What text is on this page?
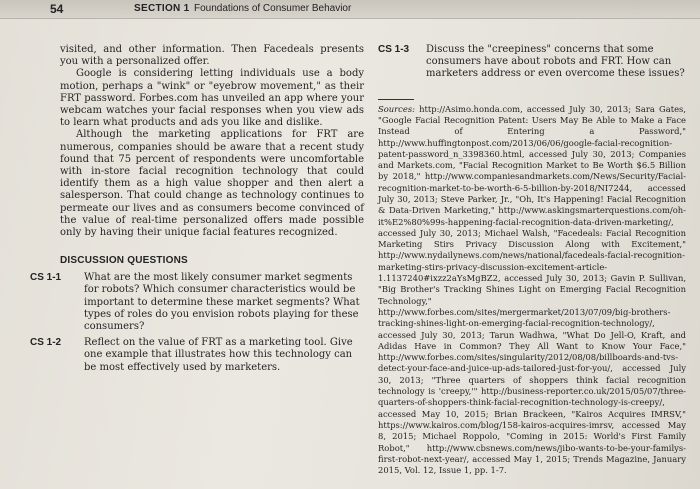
54	SECTION 1 Foundations of Consumer Behavior

visited, and other information. Then Facedeals presents you with a personalized offer.

Google is considering letting individuals use a body motion, perhaps a "wink" or "eyebrow movement," as their FRT password. Forbes.com has unveiled an app where your webcam watches your facial responses when you view ads to learn what products and ads you like and dislike.

Although the marketing applications for FRT are numerous, companies should be aware that a recent study found that 75 percent of respondents were uncomfortable with in-store facial recognition technology that could identify them as a high value shopper and then alert a salesperson. That could change as technology continues to permeate our lives and as consumers become convinced of the value of real-time personalized offers made possible only by having their unique facial features recognized.

DISCUSSION QUESTIONS
CS 1-1 What are the most likely consumer market segments for robots? Which consumer characteristics would be important to determine these market segments? What types of roles do you envision robots playing for these consumers?
CS 1-2 Reflect on the value of FRT as a marketing tool. Give one example that illustrates how this technology can be most effectively used by marketers.
CS 1-3 Discuss the "creepiness" concerns that some consumers have about robots and FRT. How can marketers address or even overcome these issues?

Sources: http://Asimo.honda.com, accessed July 30, 2013; Sara Gates, "Google Facial Recognition Patent: Users May Be Able to Make a Face Instead of Entering a Password," http://www.huffingtonpost.com/2013/06/06/google-facial-recognition-patent-password_n_3398360.html, accessed July 30, 2013; Companies and Markets.com, "Facial Recognition Market to Be Worth $6.5 Billion by 2018," http://www.companiesandmarkets.com/News/Security/Facial-recognition-market-to-be-worth-6-5-billion-by-2018/NI7244, accessed July 30, 2013; Steve Parker, Jr., "Oh, It's Happening! Facial Recognition & Data-Driven Marketing," http://www.askingsmarterquestions.com/oh-it%E2%80%99s-happening-facial-recognition-data-driven-marketing/, accessed July 30, 2013; Michael Walsh, "Facedeals: Facial Recognition Marketing Stirs Privacy Discussion Along with Excitement," http://www.nydailynews.com/news/national/facedeals-facial-recognition-marketing-stirs-privacy-discussion-excitement-article-1.1137240#ixzz2aYsMgBZ2, accessed July 30, 2013; Gavin P. Sullivan, "Big Brother's Tracking Shines Light on Emerging Facial Recognition Technology," http://www.forbes.com/sites/mergermarket/2013/07/09/big-brothers-tracking-shines-light-on-emerging-facial-recognition-technology/, accessed July 30, 2013; Tarun Wadhwa, "What Do Jell-O, Kraft, and Adidas Have in Common? They All Want to Know Your Face," http://www.forbes.com/sites/singularity/2012/08/08/billboards-and-tvs-detect-your-face-and-juice-up-ads-tailored-just-for-you/, accessed July 30, 2013; "Three quarters of shoppers think facial recognition technology is 'creepy,'" http://business-reporter.co.uk/2015/05/07/three-quarters-of-shoppers-think-facial-recognition-technology-is-creepy/, accessed May 10, 2015; Brian Brackeen, "Kairos Acquires IMRSV," https://www.kairos.com/blog/158-kairos-acquires-imrsv, accessed May 8, 2015; Michael Roppolo, "Coming in 2015: World's First Family Robot," http://www.cbsnews.com/news/jibo-wants-to-be-your-familys-first-robot-next-year/, accessed May 1, 2015; Trends Magazine, January 2015, Vol. 12, Issue 1, pp. 1-7.
